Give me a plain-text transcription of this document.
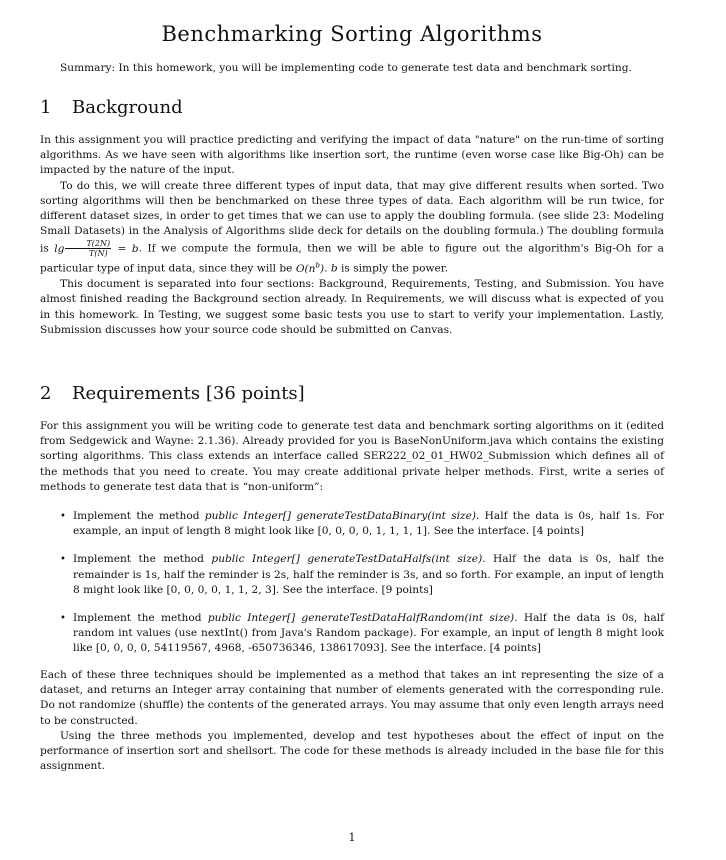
Benchmarking Sorting Algorithms
Summary: In this homework, you will be implementing code to generate test data and benchmark sorting.
1 Background

In this assignment you will practice predicting and verifying the impact of data "nature" on the run-time of sorting algorithms. As we have seen with algorithms like insertion sort, the runtime (even worse case like Big-Oh) can be impacted by the nature of the input.

To do this, we will create three different types of input data, that may give different results when sorted. Two sorting algorithms will then be benchmarked on these three types of data. Each algorithm will be run twice, for different dataset sizes, in order to get times that we can use to apply the doubling formula. (see slide 23: Modeling Small Datasets) in the Analysis of Algorithms slide deck for details on the doubling formula.) The doubling formula is $\lg \frac{T(2N)}{T(N)} = b$. If we compute the formula, then we will be able to figure out the algorithm's Big-Oh for a particular type of input data, since they will be $O(n^b)$. b is simply the power.

This document is separated into four sections: Background, Requirements, Testing, and Submission. You have almost finished reading the Background section already. In Requirements, we will discuss what is expected of you in this homework. In Testing, we suggest some basic tests you use to start to verify your implementation. Lastly, Submission discusses how your source code should be submitted on Canvas.

2 Requirements [36 points]

For this assignment you will be writing code to generate test data and benchmark sorting algorithms on it (edited from Sedgewick and Wayne: 2.1.36). Already provided for you is BaseNonUniform.java which contains the existing sorting algorithms. This class extends an interface called SER222_02_01_HW02_Submission which defines all of the methods that you need to create. You may create additional private helper methods. First, write a series of methods to generate test data that is “non-uniform”:

• Implement the method public Integer[] generateTestDataBinary(int size). Half the data is 0s, half 1s. For example, an input of length 8 might look like [0, 0, 0, 0, 1, 1, 1, 1]. See the interface. [4 points]
• Implement the method public Integer[] generateTestDataHalfs(int size). Half the data is 0s, half the remainder is 1s, half the reminder is 2s, half the reminder is 3s, and so forth. For example, an input of length 8 might look like [0, 0, 0, 0, 1, 1, 2, 3]. See the interface. [9 points]
• Implement the method public Integer[] generateTestDataHalfRandom(int size). Half the data is 0s, half random int values (use nextInt() from Java's Random package). For example, an input of length 8 might look like [0, 0, 0, 0, 54119567, 4968, -650736346, 138617093]. See the interface. [4 points]

Each of these three techniques should be implemented as a method that takes an int representing the size of a dataset, and returns an Integer array containing that number of elements generated with the corresponding rule. Do not randomize (shuffle) the contents of the generated arrays. You may assume that only even length arrays need to be constructed.

Using the three methods you implemented, develop and test hypotheses about the effect of input on the performance of insertion sort and shellsort. The code for these methods is already included in the base file for this assignment.

1
